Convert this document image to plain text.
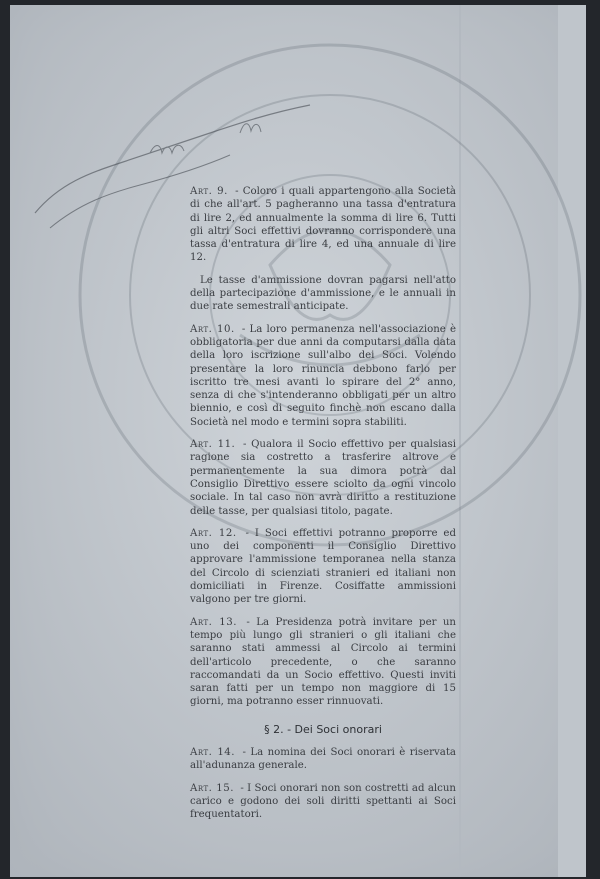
Art. 9. - Coloro i quali appartengono alla Società di che all'art. 5 pagheranno una tassa d'entratura di lire 2, ed annualmente la somma di lire 6. Tutti gli altri Soci effettivi dovranno corrispondere una tassa d'entratura di lire 4, ed una annuale di lire 12.

Le tasse d'ammissione dovran pagarsi nell'atto della partecipazione d'ammissione, e le annuali in due rate semestrali anticipate.

Art. 10. - La loro permanenza nell'associazione è obbligatoria per due anni da computarsi dalla data della loro iscrizione sull'albo dei Soci. Volendo presentare la loro rinuncia debbono farlo per iscritto tre mesi avanti lo spirare del 2° anno, senza di che s'intenderanno obbligati per un altro biennio, e così di seguito finchè non escano dalla Società nel modo e termini sopra stabiliti.

Art. 11. - Qualora il Socio effettivo per qualsiasi ragione sia costretto a trasferire altrove e permanentemente la sua dimora potrà dal Consiglio Direttivo essere sciolto da ogni vincolo sociale. In tal caso non avrà diritto a restituzione delle tasse, per qualsiasi titolo, pagate.

Art. 12. - I Soci effettivi potranno proporre ed uno dei componenti il Consiglio Direttivo approvare l'ammissione temporanea nella stanza del Circolo di scienziati stranieri ed italiani non domiciliati in Firenze. Cosiffatte ammissioni valgono per tre giorni.

Art. 13. - La Presidenza potrà invitare per un tempo più lungo gli stranieri o gli italiani che saranno stati ammessi al Circolo ai termini dell'articolo precedente, o che saranno raccomandati da un Socio effettivo. Questi inviti saran fatti per un tempo non maggiore di 15 giorni, ma potranno esser rinnuovati.

§ 2. - Dei Soci onorari

Art. 14. - La nomina dei Soci onorari è riservata all'adunanza generale.

Art. 15. - I Soci onorari non son costretti ad alcun carico e godono dei soli diritti spettanti ai Soci frequentatori.
